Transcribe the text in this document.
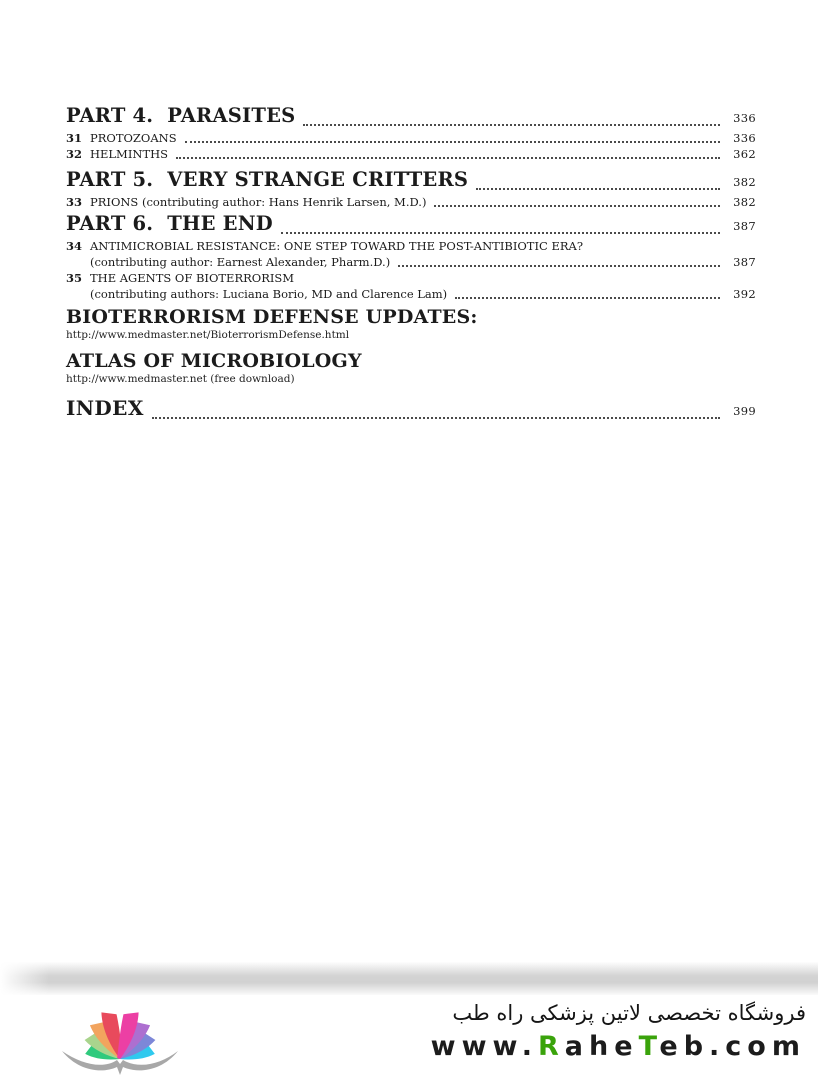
PART 4.  PARASITES	336
31 PROTOZOANS	336
32 HELMINTHS	362
PART 5.  VERY STRANGE CRITTERS	382
33 PRIONS (contributing author: Hans Henrik Larsen, M.D.)	382
PART 6.  THE END	387
34 ANTIMICROBIAL RESISTANCE: ONE STEP TOWARD THE POST-ANTIBIOTIC ERA?
(contributing author: Earnest Alexander, Pharm.D.)	387
35 THE AGENTS OF BIOTERRORISM
(contributing authors: Luciana Borio, MD and Clarence Lam)	392
BIOTERRORISM DEFENSE UPDATES:
http://www.medmaster.net/BioterrorismDefense.html
ATLAS OF MICROBIOLOGY
http://www.medmaster.net (free download)
INDEX	399
فروشگاه تخصصی لاتین پزشکی راه طب
www.RaheTeb.com
